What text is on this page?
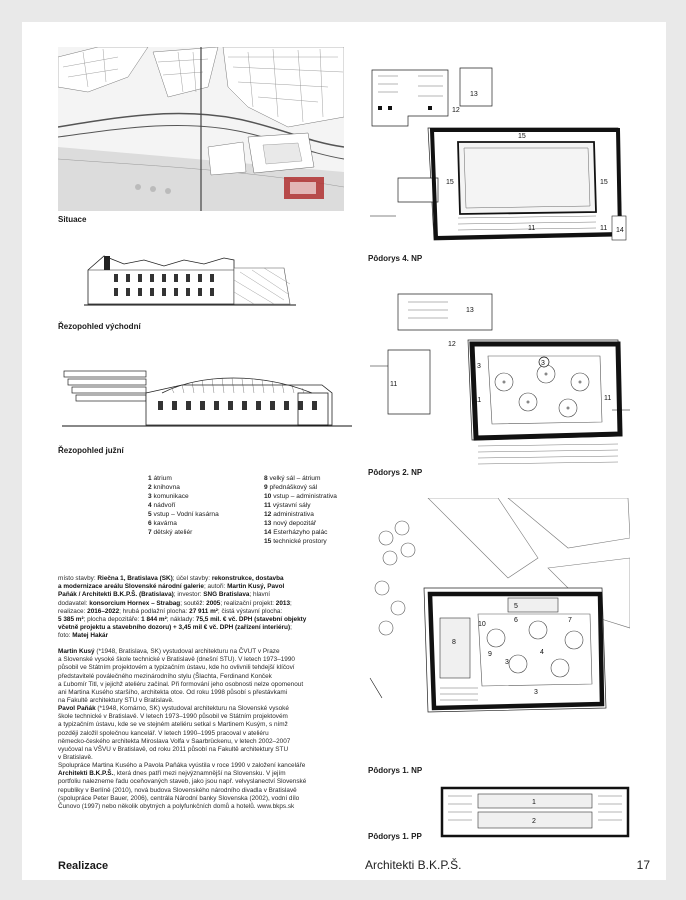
Situace
Řezopohled východní
Řezopohled južní
1 átrium
2 knihovna
3 komunikace
4 nádvoří
5 vstup – Vodní kasárna
6 kavárna
7 dětský ateliér
8 velký sál – átrium
9 přednáškový sál
10 vstup – administrativa
11 výstavní sály
12 administrativa
13 nový depozitář
14 Esterházyho palác
15 technické prostory
místo stavby: Riečna 1, Bratislava (SK); účel stavby: rekonstrukce, dostavba
a modernizace areálu Slovenské národní galerie; autoři: Martin Kusý, Pavol
Paňák / Architekti B.K.P.Š. (Bratislava); investor: SNG Bratislava; hlavní
dodavatel: konsorcium Hornex – Strabag; soutěž: 2005; realizační projekt: 2013;
realizace: 2016–2022; hrubá podlažní plocha: 27 911 m²; čistá výstavní plocha:
5 385 m²; plocha depozitáře: 1 844 m²; náklady: 75,5 mil. € vč. DPH (stavební objekty
včetně projektu a stavebního dozoru) + 3,45 mil € vč. DPH (zařízení interiéru);
foto: Matej Hakár
Martin Kusý (*1948, Bratislava, SK) vystudoval architekturu na ČVUT v Praze
a Slovenské vysoké škole technické v Bratislavě (dnešní STU). V letech 1973–1990
působil ve Státním projektovém a typizačním ústavu, kde ho ovlivnili tehdejší klíčoví
představitelé poválečného mezinárodního stylu (Šlachta, Ferdinand Konček
a Ľubomír Titl, v jejichž ateliéru začínal. Při formování jeho osobnosti nelze opomenout
ani Martina Kusého staršího, architekta otce. Od roku 1998 působí s přestávkami
na Fakultě architektury STU v Bratislavě.
Pavol Paňák (*1948, Komárno, SK) vystudoval architekturu na Slovenské vysoké
škole technické v Bratislavě. V letech 1973–1990 působil ve Státním projektovém
a typizačním ústavu, kde se ve stejném ateliéru setkal s Martinem Kusým, s nímž
později založil společnou kancelář. V letech 1990–1995 pracoval v ateliéru
německo-českého architekta Miroslava Volfa v Saarbrückenu, v letech 2002–2007
vyučoval na VŠVU v Bratislavě, od roku 2011 působí na Fakultě architektury STU
v Bratislavě.
Spolupráce Martina Kusého a Pavola Paňáka vyústila v roce 1990 v založení kanceláře
Architekti B.K.P.Š., která dnes patří mezi nejvýznamnější na Slovensku. V jejím
portfoliu nalezneme řadu oceňovaných staveb, jako jsou např. velvyslanectví Slovenské
republiky v Berlíně (2010), nová budova Slovenského národního divadla v Bratislavě
(spolupráce Peter Bauer, 2006), centrála Národní banky Slovenska (2002), vodní dílo
Čunovo (1997) nebo několik obytných a polyfunkčních domů a hotelů. www.bkps.sk
13
12
15
15	15
11	11 14
Pôdorys 4. NP
13
12
11
11	11
3
3
Pôdorys 2. NP
5
6	7
8
9
10
4
3
3
Pôdorys 1. NP
1
2
Pôdorys 1. PP
Realizace	Architekti B.K.P.Š.	17
